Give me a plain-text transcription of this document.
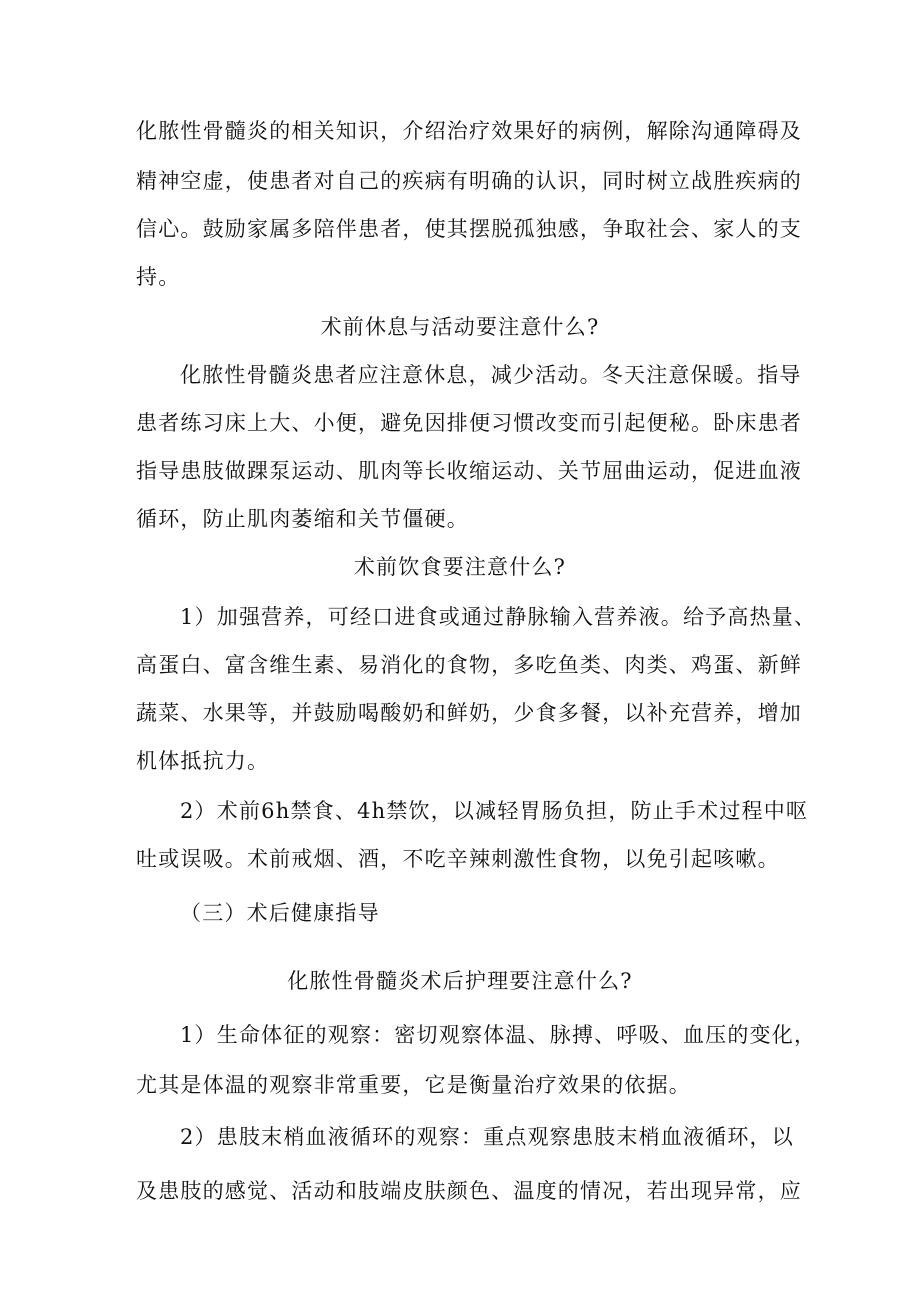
化脓性骨髓炎的相关知识，介绍治疗效果好的病例，解除沟通障碍及
精神空虚，使患者对自己的疾病有明确的认识，同时树立战胜疾病的
信心。鼓励家属多陪伴患者，使其摆脱孤独感，争取社会、家人的支
持。
术前休息与活动要注意什么?
化脓性骨髓炎患者应注意休息，减少活动。冬天注意保暖。指导
患者练习床上大、小便，避免因排便习惯改变而引起便秘。卧床患者
指导患肢做踝泵运动、肌肉等长收缩运动、关节屈曲运动，促进血液
循环，防止肌肉萎缩和关节僵硬。
术前饮食要注意什么?
1）加强营养，可经口进食或通过静脉输入营养液。给予高热量、
高蛋白、富含维生素、易消化的食物，多吃鱼类、肉类、鸡蛋、新鲜
蔬菜、水果等，并鼓励喝酸奶和鲜奶，少食多餐，以补充营养，增加
机体抵抗力。
2）术前6h禁食、4h禁饮，以减轻胃肠负担，防止手术过程中呕
吐或误吸。术前戒烟、酒，不吃辛辣刺激性食物，以免引起咳嗽。
（三）术后健康指导
化脓性骨髓炎术后护理要注意什么?
1）生命体征的观察：密切观察体温、脉搏、呼吸、血压的变化，
尤其是体温的观察非常重要，它是衡量治疗效果的依据。
2）患肢末梢血液循环的观察：重点观察患肢末梢血液循环，以
及患肢的感觉、活动和肢端皮肤颜色、温度的情况，若出现异常，应
